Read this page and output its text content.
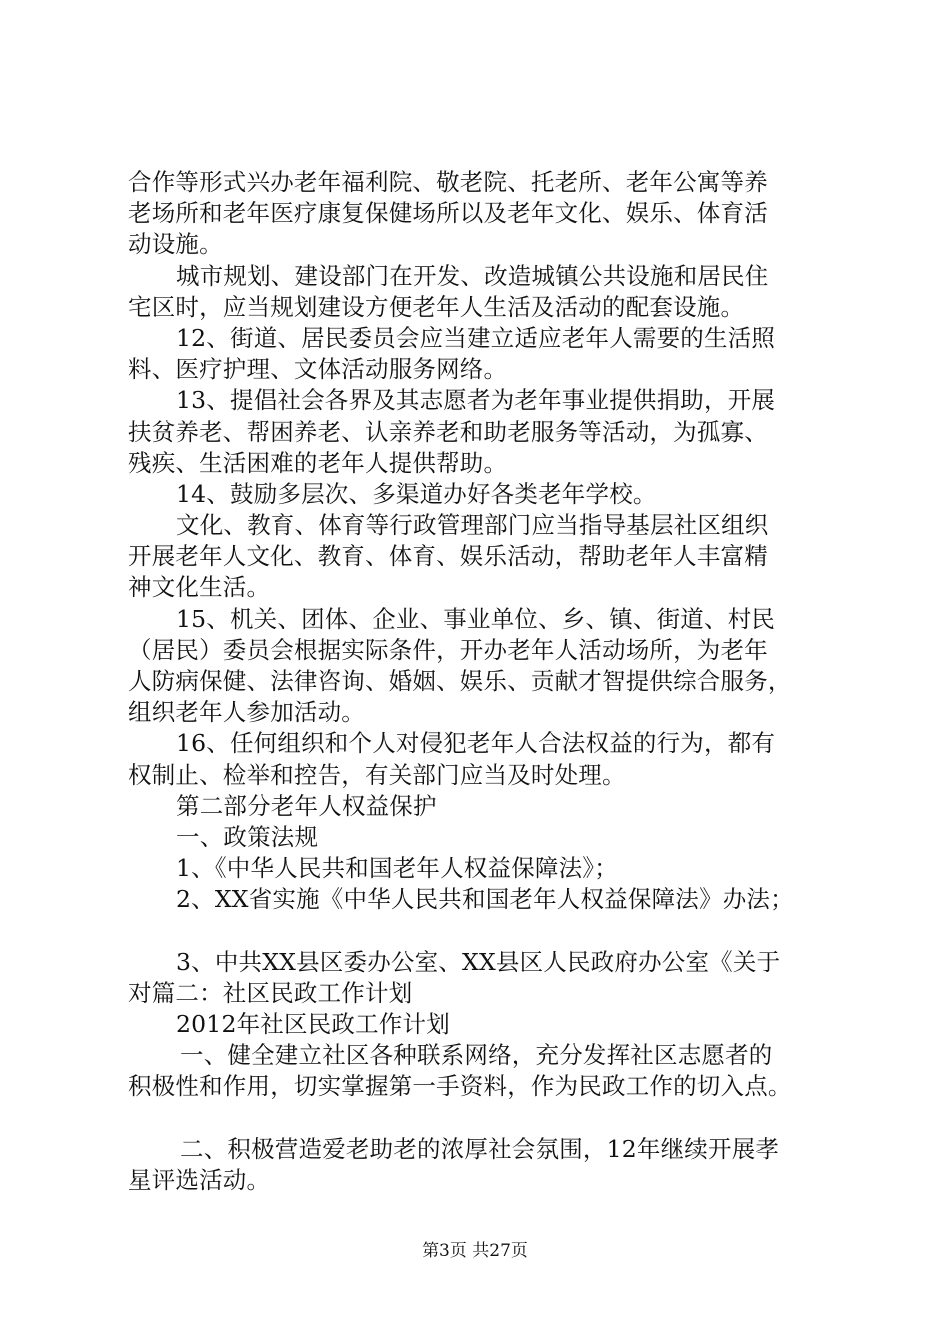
合作等形式兴办老年福利院、敬老院、托老所、老年公寓等养
老场所和老年医疗康复保健场所以及老年文化、娱乐、体育活
动设施。
城市规划、建设部门在开发、改造城镇公共设施和居民住
宅区时，应当规划建设方便老年人生活及活动的配套设施。
12、街道、居民委员会应当建立适应老年人需要的生活照
料、医疗护理、文体活动服务网络。
13、提倡社会各界及其志愿者为老年事业提供捐助，开展
扶贫养老、帮困养老、认亲养老和助老服务等活动，为孤寡、
残疾、生活困难的老年人提供帮助。
14、鼓励多层次、多渠道办好各类老年学校。
文化、教育、体育等行政管理部门应当指导基层社区组织
开展老年人文化、教育、体育、娱乐活动，帮助老年人丰富精
神文化生活。
15、机关、团体、企业、事业单位、乡、镇、街道、村民
（居民）委员会根据实际条件，开办老年人活动场所，为老年
人防病保健、法律咨询、婚姻、娱乐、贡献才智提供综合服务，
组织老年人参加活动。
16、任何组织和个人对侵犯老年人合法权益的行为，都有
权制止、检举和控告，有关部门应当及时处理。
第二部分老年人权益保护
一、政策法规
1、《中华人民共和国老年人权益保障法》；
2、XX省实施《中华人民共和国老年人权益保障法》办法；
3、中共XX县区委办公室、XX县区人民政府办公室《关于
对篇二：社区民政工作计划
2012年社区民政工作计划
一、健全建立社区各种联系网络，充分发挥社区志愿者的
积极性和作用，切实掌握第一手资料，作为民政工作的切入点。
二、积极营造爱老助老的浓厚社会氛围，12年继续开展孝
星评选活动。
第3页 共27页
